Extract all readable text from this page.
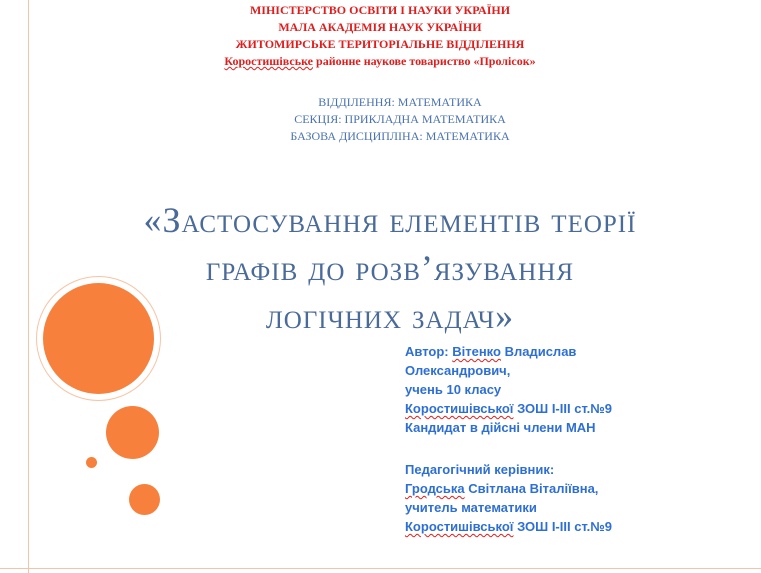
МІНІСТЕРСТВО ОСВІТИ І НАУКИ УКРАЇНИ
МАЛА АКАДЕМІЯ НАУК УКРАЇНИ
ЖИТОМИРСЬКЕ ТЕРИТОРІАЛЬНЕ ВІДДІЛЕННЯ
Коростишівське районне наукове товариство «Пролісок»
ВІДДІЛЕННЯ: МАТЕМАТИКА
СЕКЦІЯ: ПРИКЛАДНА МАТЕМАТИКА
БАЗОВА ДИСЦИПЛІНА: МАТЕМАТИКА
«Застосування елементів теорії
графів до розв’язування
логічних задач»
Автор: Вітенко Владислав
Олександрович,
учень 10 класу
Коростишівської ЗОШ І-ІІІ ст.№9
Кандидат в дійсні члени МАН
Педагогічний керівник:
Гродська Світлана Віталіївна,
учитель математики
Коростишівської ЗОШ І-ІІІ ст.№9
